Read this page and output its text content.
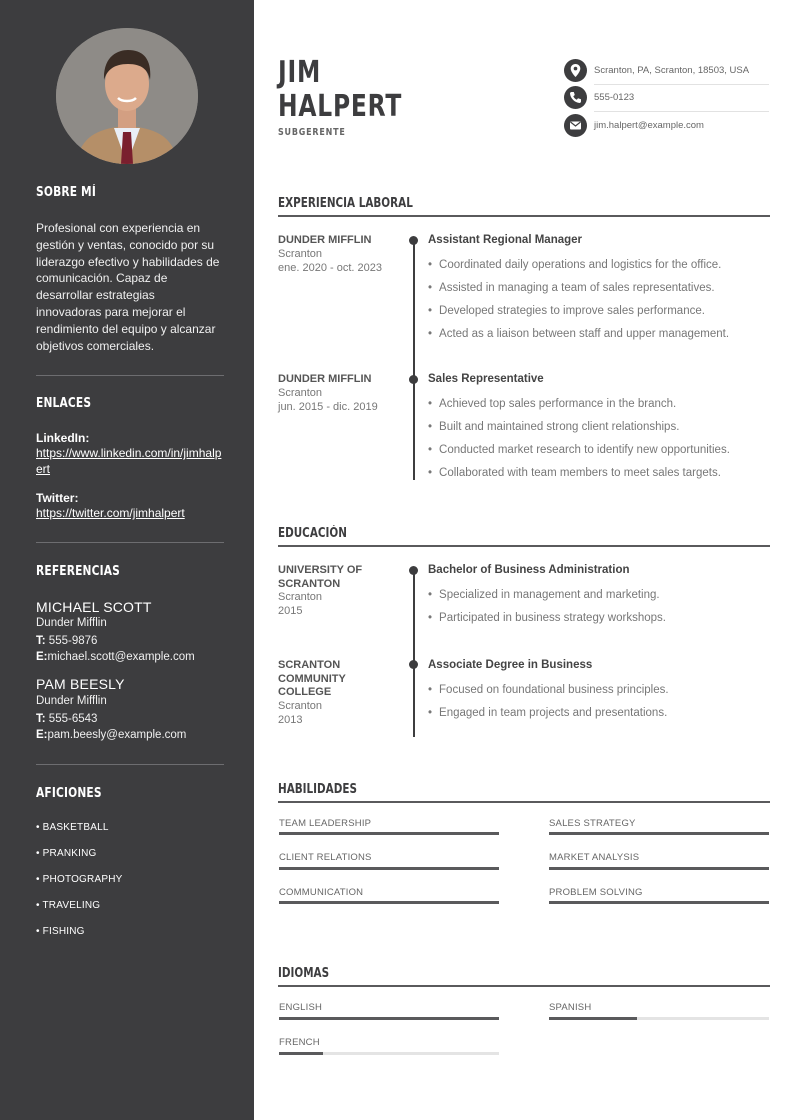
SOBRE MÍ
Profesional con experiencia en gestión y ventas, conocido por su liderazgo efectivo y habilidades de comunicación. Capaz de desarrollar estrategias innovadoras para mejorar el rendimiento del equipo y alcanzar objetivos comerciales.
ENLACES
LinkedIn:
https://www.linkedin.com/in/jimhalpert
Twitter:
https://twitter.com/jimhalpert
REFERENCIAS
MICHAEL SCOTT
Dunder Mifflin
T: 555-9876
E:michael.scott@example.com
PAM BEESLY
Dunder Mifflin
T: 555-6543
E:pam.beesly@example.com
AFICIONES
• BASKETBALL
• PRANKING
• PHOTOGRAPHY
• TRAVELING
• FISHING
JIM
HALPERT
SUBGERENTE
Scranton, PA, Scranton, 18503, USA
555-0123
jim.halpert@example.com
EXPERIENCIA LABORAL
DUNDER MIFFLIN
Scranton
ene. 2020 - oct. 2023
Assistant Regional Manager
• Coordinated daily operations and logistics for the office.
• Assisted in managing a team of sales representatives.
• Developed strategies to improve sales performance.
• Acted as a liaison between staff and upper management.
DUNDER MIFFLIN
Scranton
jun. 2015 - dic. 2019
Sales Representative
• Achieved top sales performance in the branch.
• Built and maintained strong client relationships.
• Conducted market research to identify new opportunities.
• Collaborated with team members to meet sales targets.
EDUCACIÓN
UNIVERSITY OF SCRANTON
Scranton
2015
Bachelor of Business Administration
• Specialized in management and marketing.
• Participated in business strategy workshops.
SCRANTON COMMUNITY COLLEGE
Scranton
2013
Associate Degree in Business
• Focused on foundational business principles.
• Engaged in team projects and presentations.
HABILIDADES
TEAM LEADERSHIP	SALES STRATEGY
CLIENT RELATIONS	MARKET ANALYSIS
COMMUNICATION	PROBLEM SOLVING
IDIOMAS
ENGLISH	SPANISH
FRENCH
